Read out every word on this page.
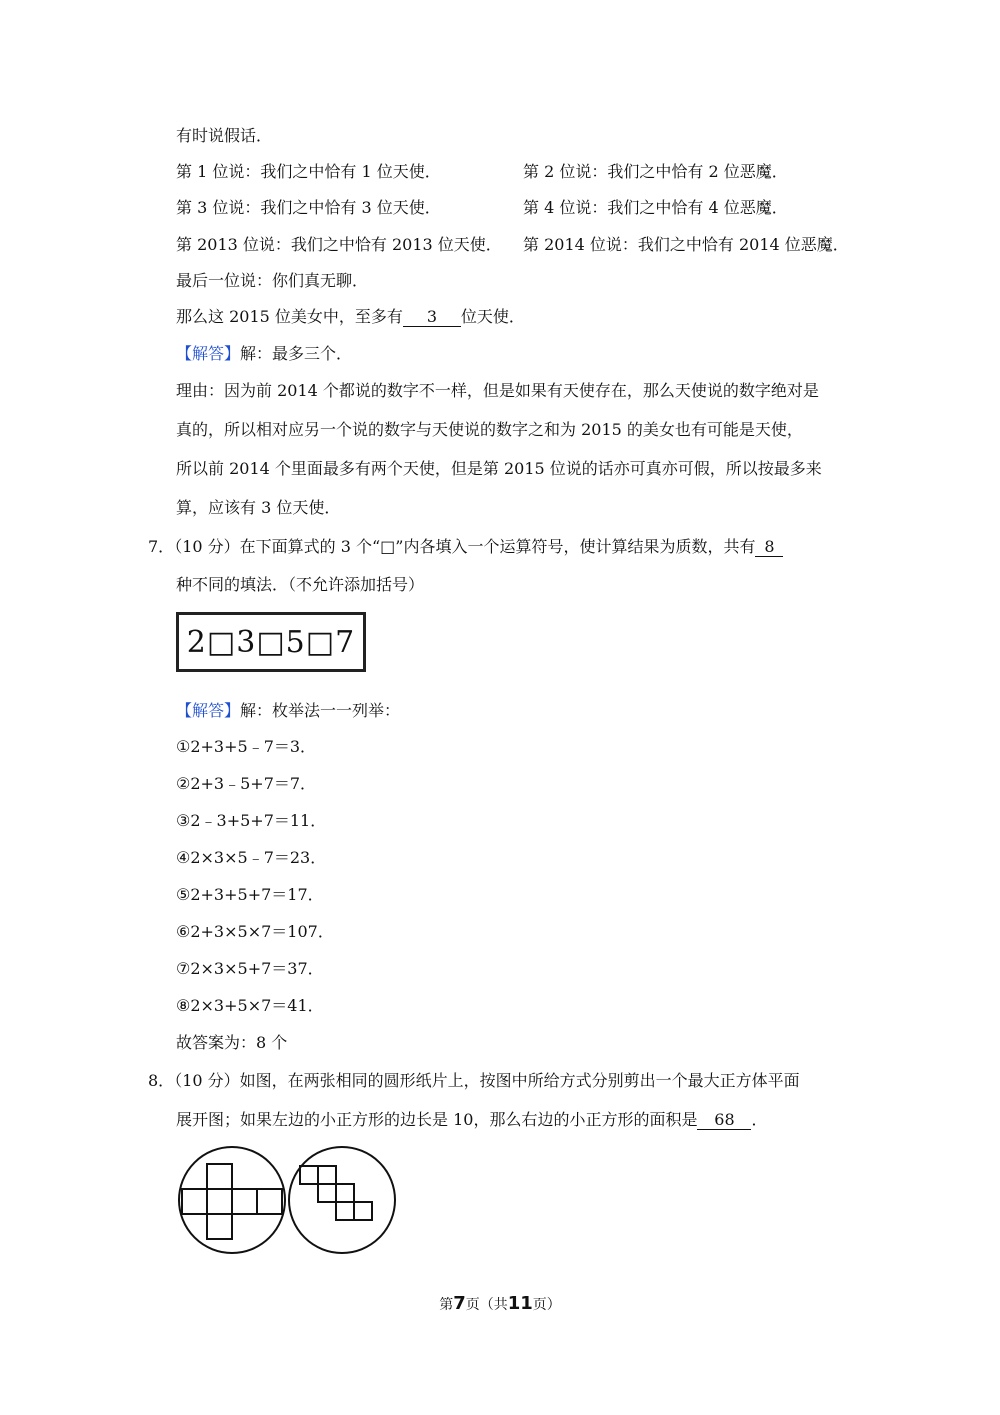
有时说假话．
第 1 位说：我们之中恰有 1 位天使．	第 2 位说：我们之中恰有 2 位恶魔．
第 3 位说：我们之中恰有 3 位天使．	第 4 位说：我们之中恰有 4 位恶魔．
第 2013 位说：我们之中恰有 2013 位天使． 第 2014 位说：我们之中恰有 2014 位恶魔．
最后一位说：你们真无聊．
那么这 2015 位美女中，至多有 3 位天使．
【解答】解：最多三个．
理由：因为前 2014 个都说的数字不一样，但是如果有天使存在，那么天使说的数字绝对是
真的，所以相对应另一个说的数字与天使说的数字之和为 2015 的美女也有可能是天使，
所以前 2014 个里面最多有两个天使，但是第 2015 位说的话亦可真亦可假，所以按最多来
算，应该有 3 位天使．
7．（10 分）在下面算式的 3 个“□”内各填入一个运算符号，使计算结果为质数，共有 8
种不同的填法．（不允许添加括号）
2□3□5□7
【解答】解：枚举法一一列举：
①2+3+5﹣7＝3．
②2+3﹣5+7＝7．
③2﹣3+5+7＝11．
④2×3×5﹣7＝23．
⑤2+3+5+7＝17．
⑥2+3×5×7＝107．
⑦2×3×5+7＝37．
⑧2×3+5×7＝41．
故答案为：8 个
8．（10 分）如图，在两张相同的圆形纸片上，按图中所给方式分别剪出一个最大正方体平面
展开图；如果左边的小正方形的边长是 10，那么右边的小正方形的面积是 68 ．
第7页（共11页）
